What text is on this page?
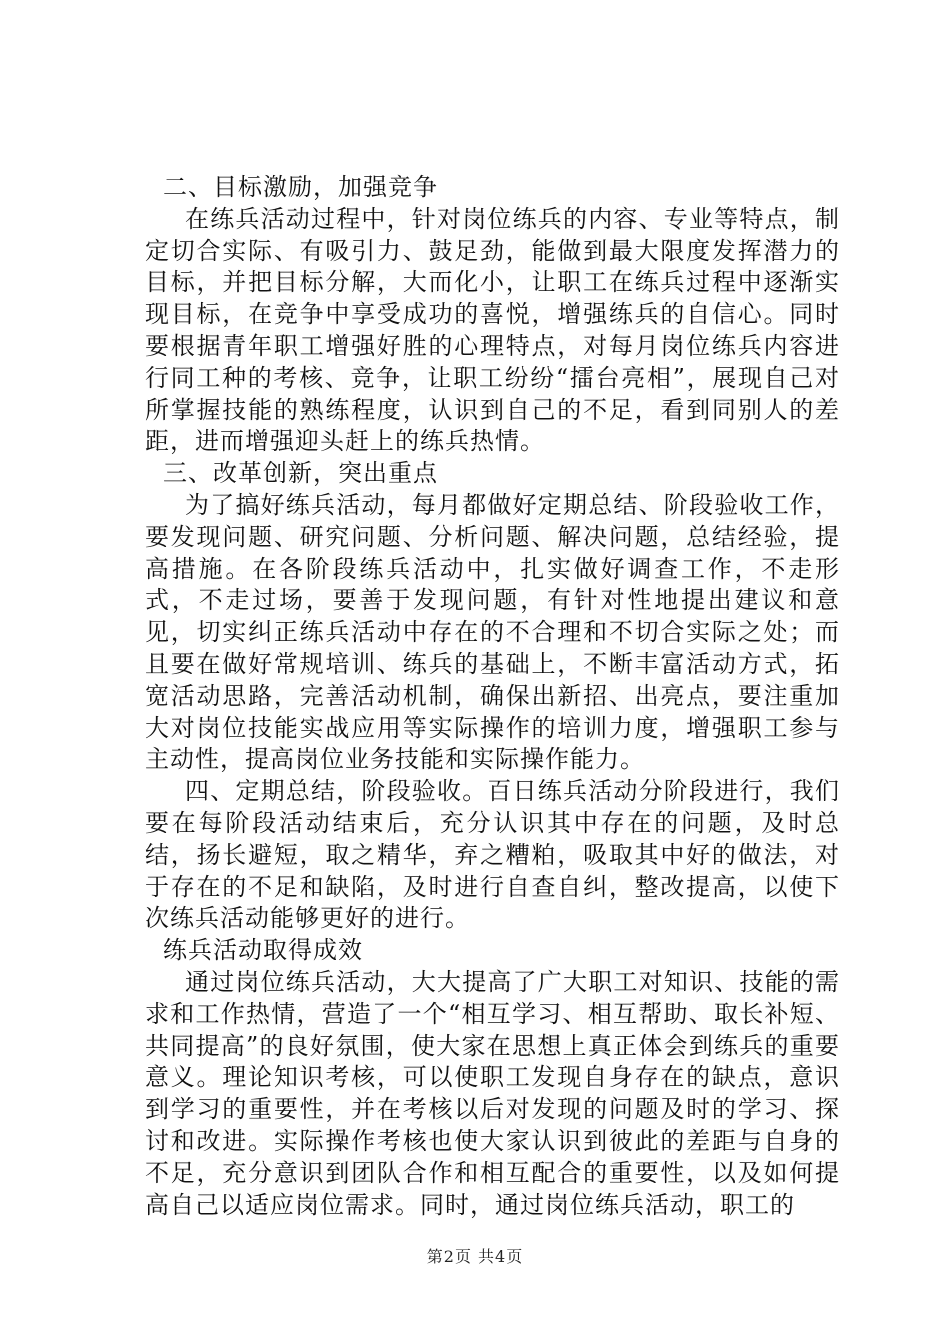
二、目标激励，加强竞争

在练兵活动过程中，针对岗位练兵的内容、专业等特点，制定切合实际、有吸引力、鼓足劲，能做到最大限度发挥潜力的目标，并把目标分解，大而化小，让职工在练兵过程中逐渐实现目标，在竞争中享受成功的喜悦，增强练兵的自信心。同时要根据青年职工增强好胜的心理特点，对每月岗位练兵内容进行同工种的考核、竞争，让职工纷纷“擂台亮相”，展现自己对所掌握技能的熟练程度，认识到自己的不足，看到同别人的差距，进而增强迎头赶上的练兵热情。

三、改革创新，突出重点

为了搞好练兵活动，每月都做好定期总结、阶段验收工作，要发现问题、研究问题、分析问题、解决问题，总结经验，提高措施。在各阶段练兵活动中，扎实做好调查工作，不走形式，不走过场，要善于发现问题，有针对性地提出建议和意见，切实纠正练兵活动中存在的不合理和不切合实际之处；而且要在做好常规培训、练兵的基础上，不断丰富活动方式，拓宽活动思路，完善活动机制，确保出新招、出亮点，要注重加大对岗位技能实战应用等实际操作的培训力度，增强职工参与主动性，提高岗位业务技能和实际操作能力。

四、定期总结，阶段验收。百日练兵活动分阶段进行，我们要在每阶段活动结束后，充分认识其中存在的问题，及时总结，扬长避短，取之精华，弃之糟粕，吸取其中好的做法，对于存在的不足和缺陷，及时进行自查自纠，整改提高，以使下次练兵活动能够更好的进行。

练兵活动取得成效

通过岗位练兵活动，大大提高了广大职工对知识、技能的需求和工作热情，营造了一个“相互学习、相互帮助、取长补短、共同提高”的良好氛围，使大家在思想上真正体会到练兵的重要意义。理论知识考核，可以使职工发现自身存在的缺点，意识到学习的重要性，并在考核以后对发现的问题及时的学习、探讨和改进。实际操作考核也使大家认识到彼此的差距与自身的不足，充分意识到团队合作和相互配合的重要性，以及如何提高自己以适应岗位需求。同时，通过岗位练兵活动，职工的

第2页 共4页
